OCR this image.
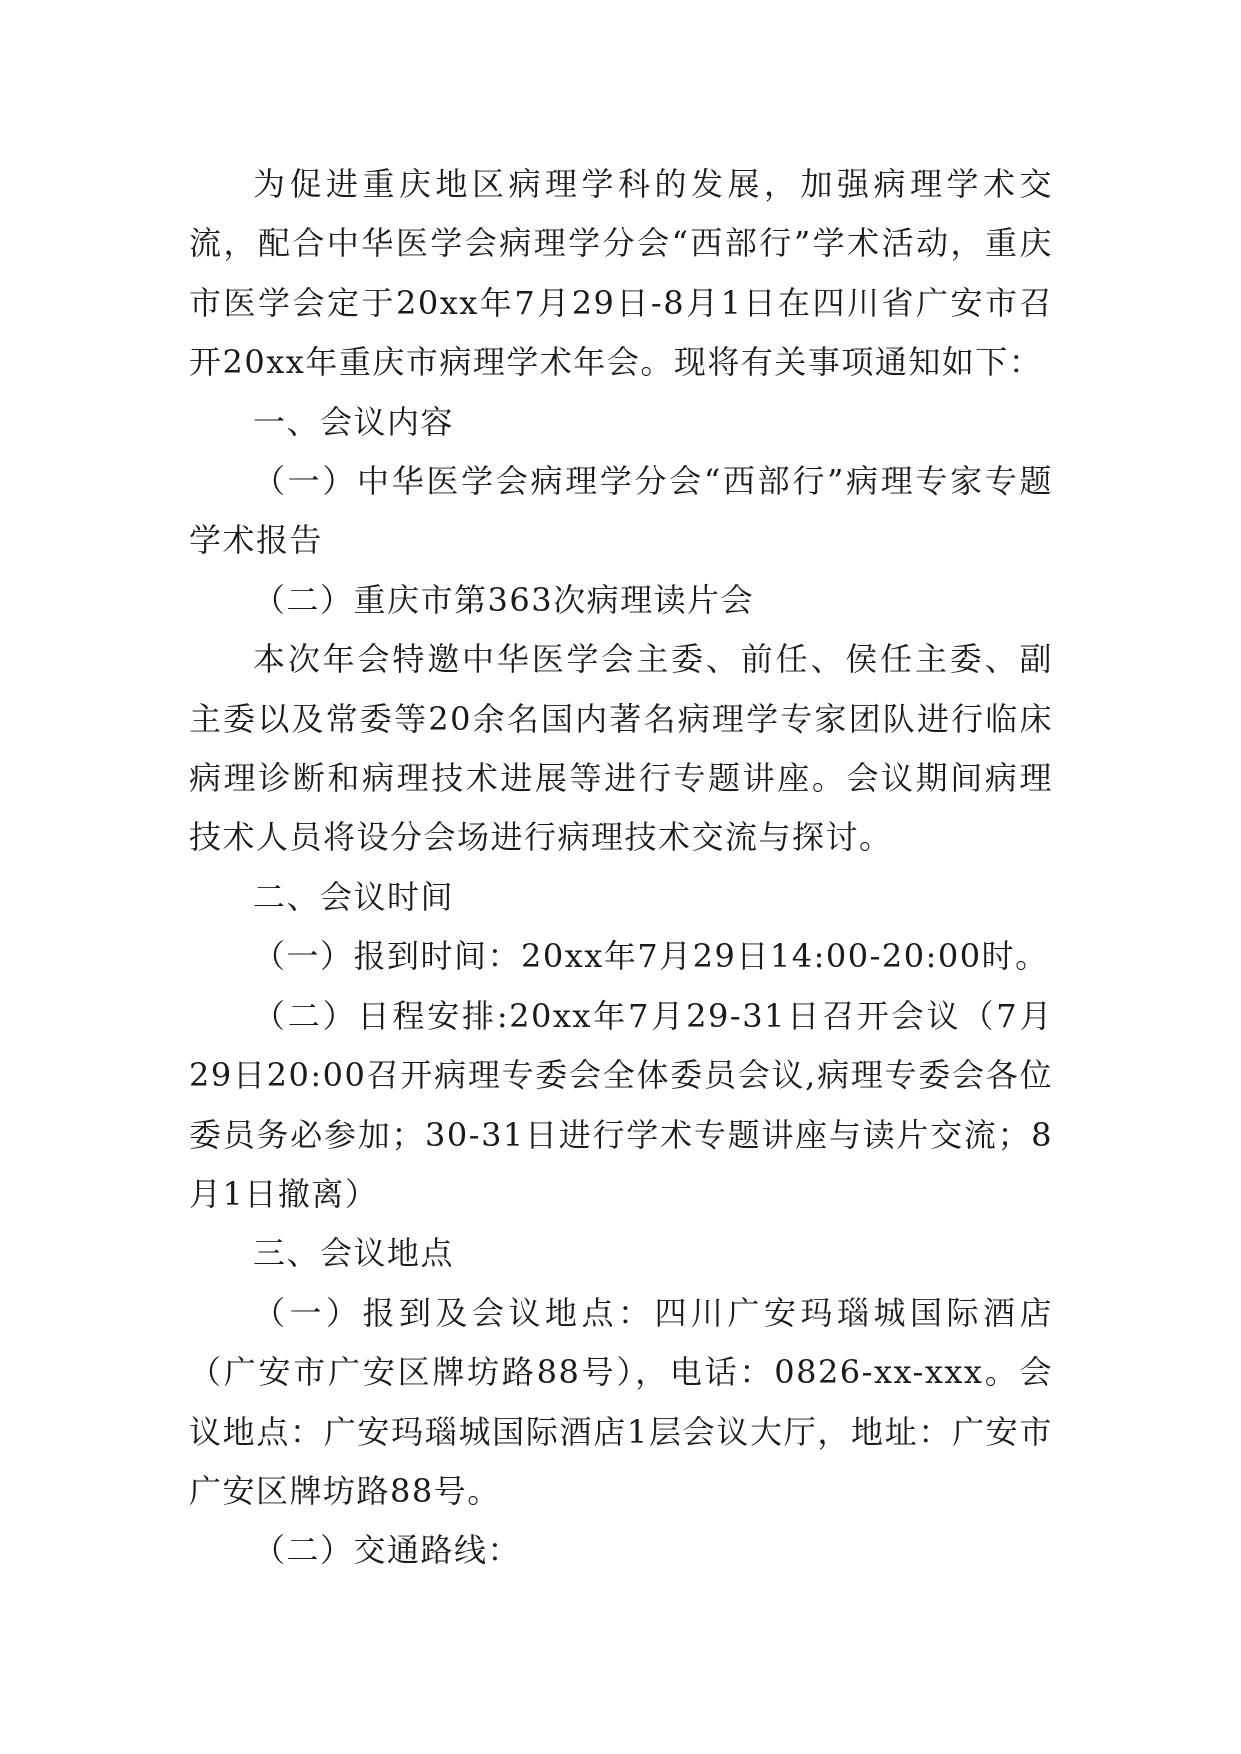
为促进重庆地区病理学科的发展，加强病理学术交流，配合中华医学会病理学分会“西部行”学术活动，重庆市医学会定于20xx年7月29日-8月1日在四川省广安市召开20xx年重庆市病理学术年会。现将有关事项通知如下：

一、会议内容

（一）中华医学会病理学分会“西部行”病理专家专题学术报告

（二）重庆市第363次病理读片会

本次年会特邀中华医学会主委、前任、侯任主委、副主委以及常委等20余名国内著名病理学专家团队进行临床病理诊断和病理技术进展等进行专题讲座。会议期间病理技术人员将设分会场进行病理技术交流与探讨。

二、会议时间

（一）报到时间：20xx年7月29日14:00-20:00时。

（二）日程安排:20xx年7月29-31日召开会议（7月29日20:00召开病理专委会全体委员会议,病理专委会各位委员务必参加；30-31日进行学术专题讲座与读片交流；8月1日撤离）

三、会议地点

（一）报到及会议地点：四川广安玛瑙城国际酒店（广安市广安区牌坊路88号），电话：0826-xx-xxx。会议地点：广安玛瑙城国际酒店1层会议大厅，地址：广安市广安区牌坊路88号。

（二）交通路线：
